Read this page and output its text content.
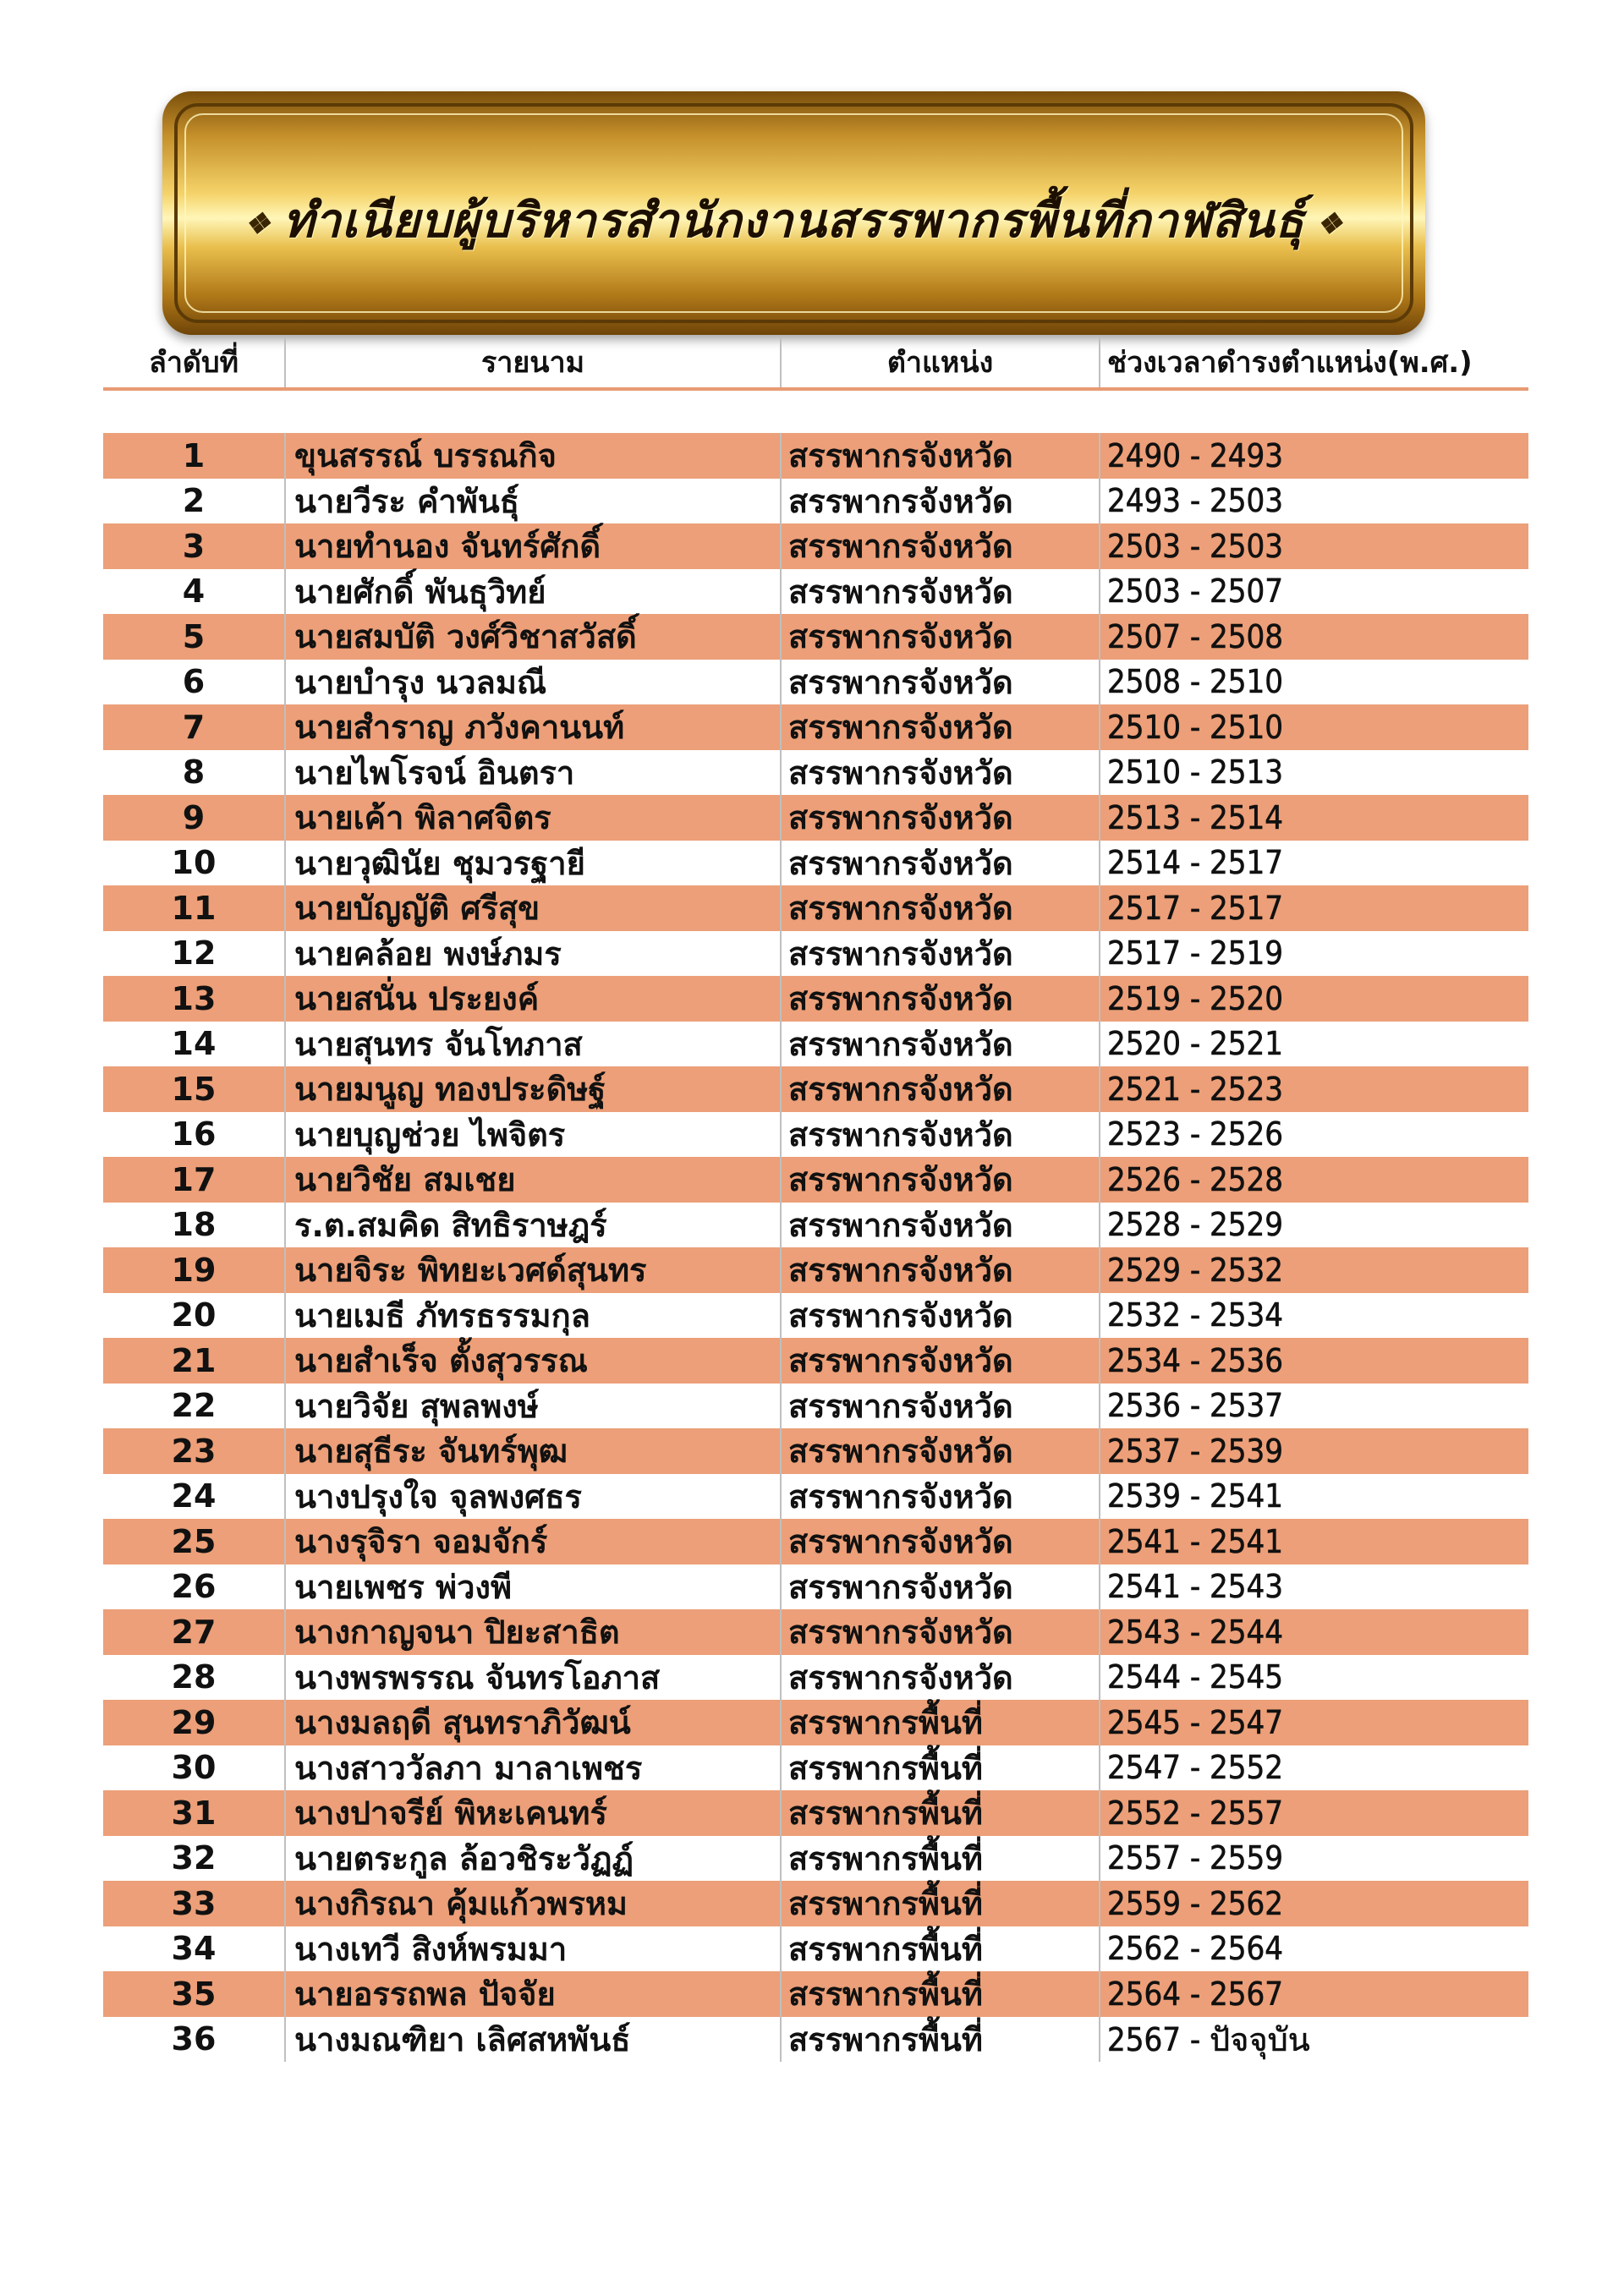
❖ ทำเนียบผู้บริหารสำนักงานสรรพากรพื้นที่กาฬสินธุ์ ❖
ลำดับที่	รายนาม	ตำแหน่ง	ช่วงเวลาดำรงตำแหน่ง(พ.ศ.)
1	ขุนสรรณ์ บรรณกิจ	สรรพากรจังหวัด	2490 - 2493
2	นายวีระ คำพันธุ์	สรรพากรจังหวัด	2493 - 2503
3	นายทำนอง จันทร์ศักดิ์	สรรพากรจังหวัด	2503 - 2503
4	นายศักดิ์ พันธุวิทย์	สรรพากรจังหวัด	2503 - 2507
5	นายสมบัติ วงศ์วิชาสวัสดิ์	สรรพากรจังหวัด	2507 - 2508
6	นายบำรุง นวลมณี	สรรพากรจังหวัด	2508 - 2510
7	นายสำราญ ภวังคานนท์	สรรพากรจังหวัด	2510 - 2510
8	นายไพโรจน์ อินตรา	สรรพากรจังหวัด	2510 - 2513
9	นายเค้า พิลาศจิตร	สรรพากรจังหวัด	2513 - 2514
10	นายวุฒินัย ชุมวรฐายี	สรรพากรจังหวัด	2514 - 2517
11	นายบัญญัติ ศรีสุข	สรรพากรจังหวัด	2517 - 2517
12	นายคล้อย พงษ์ภมร	สรรพากรจังหวัด	2517 - 2519
13	นายสนั่น ประยงค์	สรรพากรจังหวัด	2519 - 2520
14	นายสุนทร จันโทภาส	สรรพากรจังหวัด	2520 - 2521
15	นายมนูญ ทองประดิษฐ์	สรรพากรจังหวัด	2521 - 2523
16	นายบุญช่วย ไพจิตร	สรรพากรจังหวัด	2523 - 2526
17	นายวิชัย สมเชย	สรรพากรจังหวัด	2526 - 2528
18	ร.ต.สมคิด สิทธิราษฎร์	สรรพากรจังหวัด	2528 - 2529
19	นายจิระ พิทยะเวศด์สุนทร	สรรพากรจังหวัด	2529 - 2532
20	นายเมธี ภัทรธรรมกุล	สรรพากรจังหวัด	2532 - 2534
21	นายสำเร็จ ตั้งสุวรรณ	สรรพากรจังหวัด	2534 - 2536
22	นายวิจัย สุพลพงษ์	สรรพากรจังหวัด	2536 - 2537
23	นายสุธีระ จันทร์พุฒ	สรรพากรจังหวัด	2537 - 2539
24	นางปรุงใจ จุลพงศธร	สรรพากรจังหวัด	2539 - 2541
25	นางรุจิรา จอมจักร์	สรรพากรจังหวัด	2541 - 2541
26	นายเพชร พ่วงพี	สรรพากรจังหวัด	2541 - 2543
27	นางกาญจนา ปิยะสาธิต	สรรพากรจังหวัด	2543 - 2544
28	นางพรพรรณ จันทรโอภาส	สรรพากรจังหวัด	2544 - 2545
29	นางมลฤดี สุนทราภิวัฒน์	สรรพากรพื้นที่	2545 - 2547
30	นางสาววัลภา มาลาเพชร	สรรพากรพื้นที่	2547 - 2552
31	นางปาจรีย์ พิหะเคนทร์	สรรพากรพื้นที่	2552 - 2557
32	นายตระกูล ล้อวชิระวัฏฏ์	สรรพากรพื้นที่	2557 - 2559
33	นางกิรณา คุ้มแก้วพรหม	สรรพากรพื้นที่	2559 - 2562
34	นางเทวี สิงห์พรมมา	สรรพากรพื้นที่	2562 - 2564
35	นายอรรถพล ปัจจัย	สรรพากรพื้นที่	2564 - 2567
36	นางมณฑิยา เลิศสหพันธ์	สรรพากรพื้นที่	2567 - ปัจจุบัน
